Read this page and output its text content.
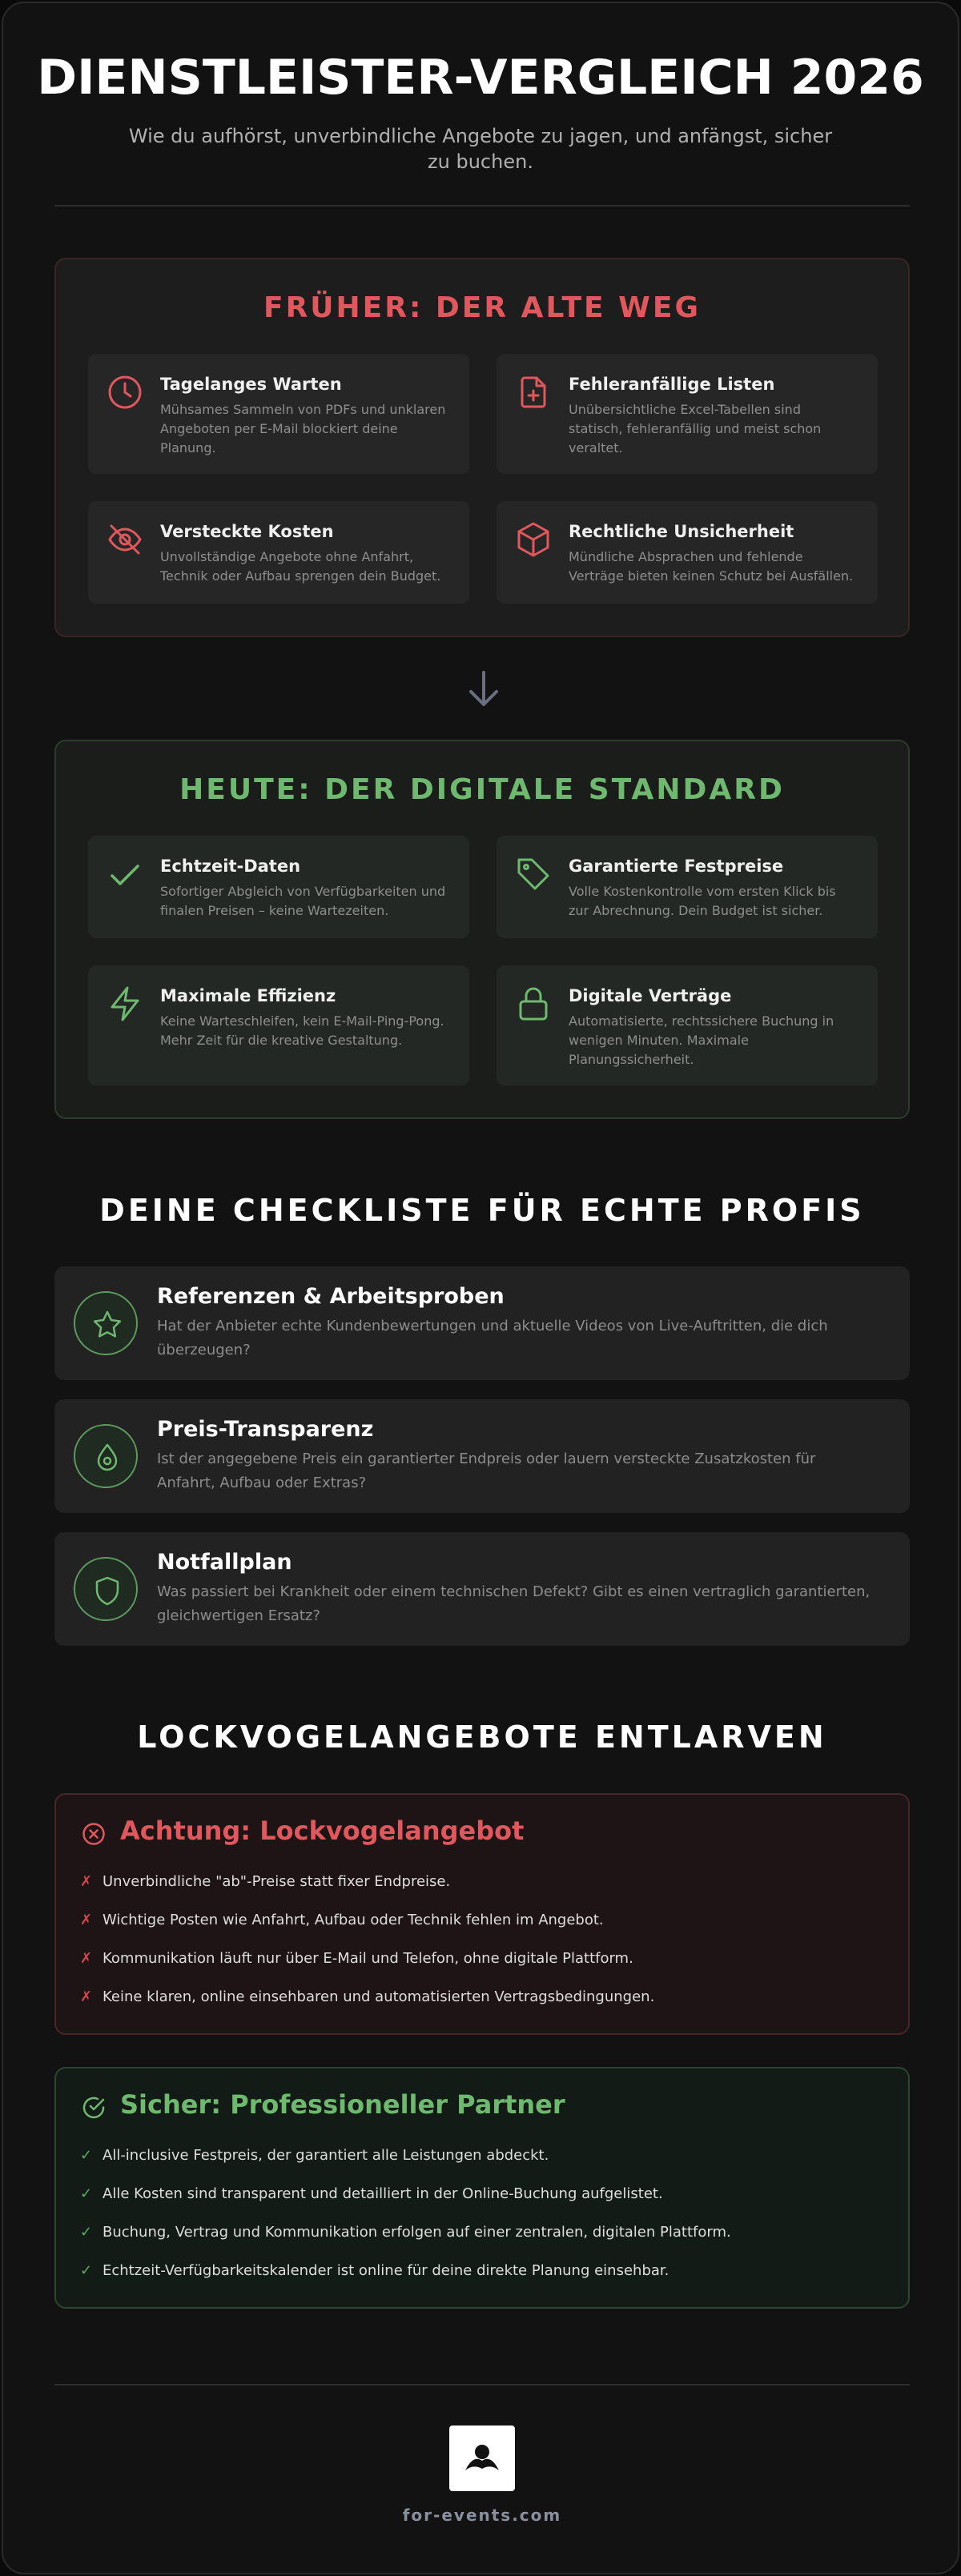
DIENSTLEISTER-VERGLEICH 2026

Wie du aufhörst, unverbindliche Angebote zu jagen, und anfängst, sicher zu buchen.

FRÜHER: DER ALTE WEG
Tagelanges Warten
Mühsames Sammeln von PDFs und unklaren Angeboten per E-Mail blockiert deine Planung.
Fehleranfällige Listen
Unübersichtliche Excel-Tabellen sind statisch, fehleranfällig und meist schon veraltet.
Versteckte Kosten
Unvollständige Angebote ohne Anfahrt, Technik oder Aufbau sprengen dein Budget.
Rechtliche Unsicherheit
Mündliche Absprachen und fehlende Verträge bieten keinen Schutz bei Ausfällen.
HEUTE: DER DIGITALE STANDARD
Echtzeit-Daten
Sofortiger Abgleich von Verfügbarkeiten und finalen Preisen – keine Wartezeiten.
Garantierte Festpreise
Volle Kostenkontrolle vom ersten Klick bis zur Abrechnung. Dein Budget ist sicher.
Maximale Effizienz
Keine Warteschleifen, kein E-Mail-Ping-Pong. Mehr Zeit für die kreative Gestaltung.
Digitale Verträge
Automatisierte, rechtssichere Buchung in wenigen Minuten. Maximale Planungssicherheit.
DEINE CHECKLISTE FÜR ECHTE PROFIS
Referenzen & Arbeitsproben
Hat der Anbieter echte Kundenbewertungen und aktuelle Videos von Live-Auftritten, die dich überzeugen?
Preis-Transparenz
Ist der angegebene Preis ein garantierter Endpreis oder lauern versteckte Zusatzkosten für Anfahrt, Aufbau oder Extras?
Notfallplan
Was passiert bei Krankheit oder einem technischen Defekt? Gibt es einen vertraglich garantierten, gleichwertigen Ersatz?
LOCKVOGELANGEBOTE ENTLARVEN
Achtung: Lockvogelangebot
✗ Unverbindliche "ab"-Preise statt fixer Endpreise.
✗ Wichtige Posten wie Anfahrt, Aufbau oder Technik fehlen im Angebot.
✗ Kommunikation läuft nur über E-Mail und Telefon, ohne digitale Plattform.
✗ Keine klaren, online einsehbaren und automatisierten Vertragsbedingungen.
Sicher: Professioneller Partner
✓ All-inclusive Festpreis, der garantiert alle Leistungen abdeckt.
✓ Alle Kosten sind transparent und detailliert in der Online-Buchung aufgelistet.
✓ Buchung, Vertrag und Kommunikation erfolgen auf einer zentralen, digitalen Plattform.
✓ Echtzeit-Verfügbarkeitskalender ist online für deine direkte Planung einsehbar.
for-events.com
